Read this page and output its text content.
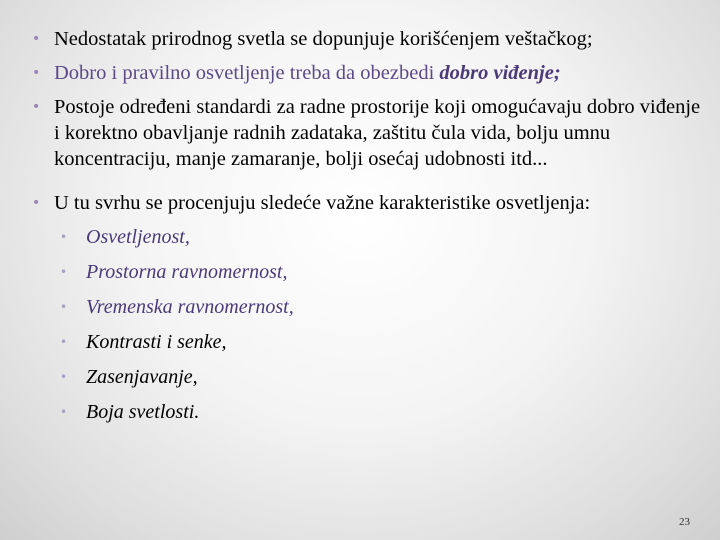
• Nedostatak prirodnog svetla se dopunjuje korišćenjem veštačkog;
• Dobro i pravilno osvetljenje treba da obezbedi dobro viđenje;
• Postoje određeni standardi za radne prostorije koji omogućavaju dobro viđenje i korektno obavljanje radnih zadataka, zaštitu čula vida, bolju umnu koncentraciju, manje zamaranje, bolji osećaj udobnosti itd...
• U tu svrhu se procenjuju sledeće važne karakteristike osvetljenja:
• Osvetljenost,
• Prostorna ravnomernost,
• Vremenska ravnomernost,
• Kontrasti i senke,
• Zasenjavanje,
• Boja svetlosti.
23
